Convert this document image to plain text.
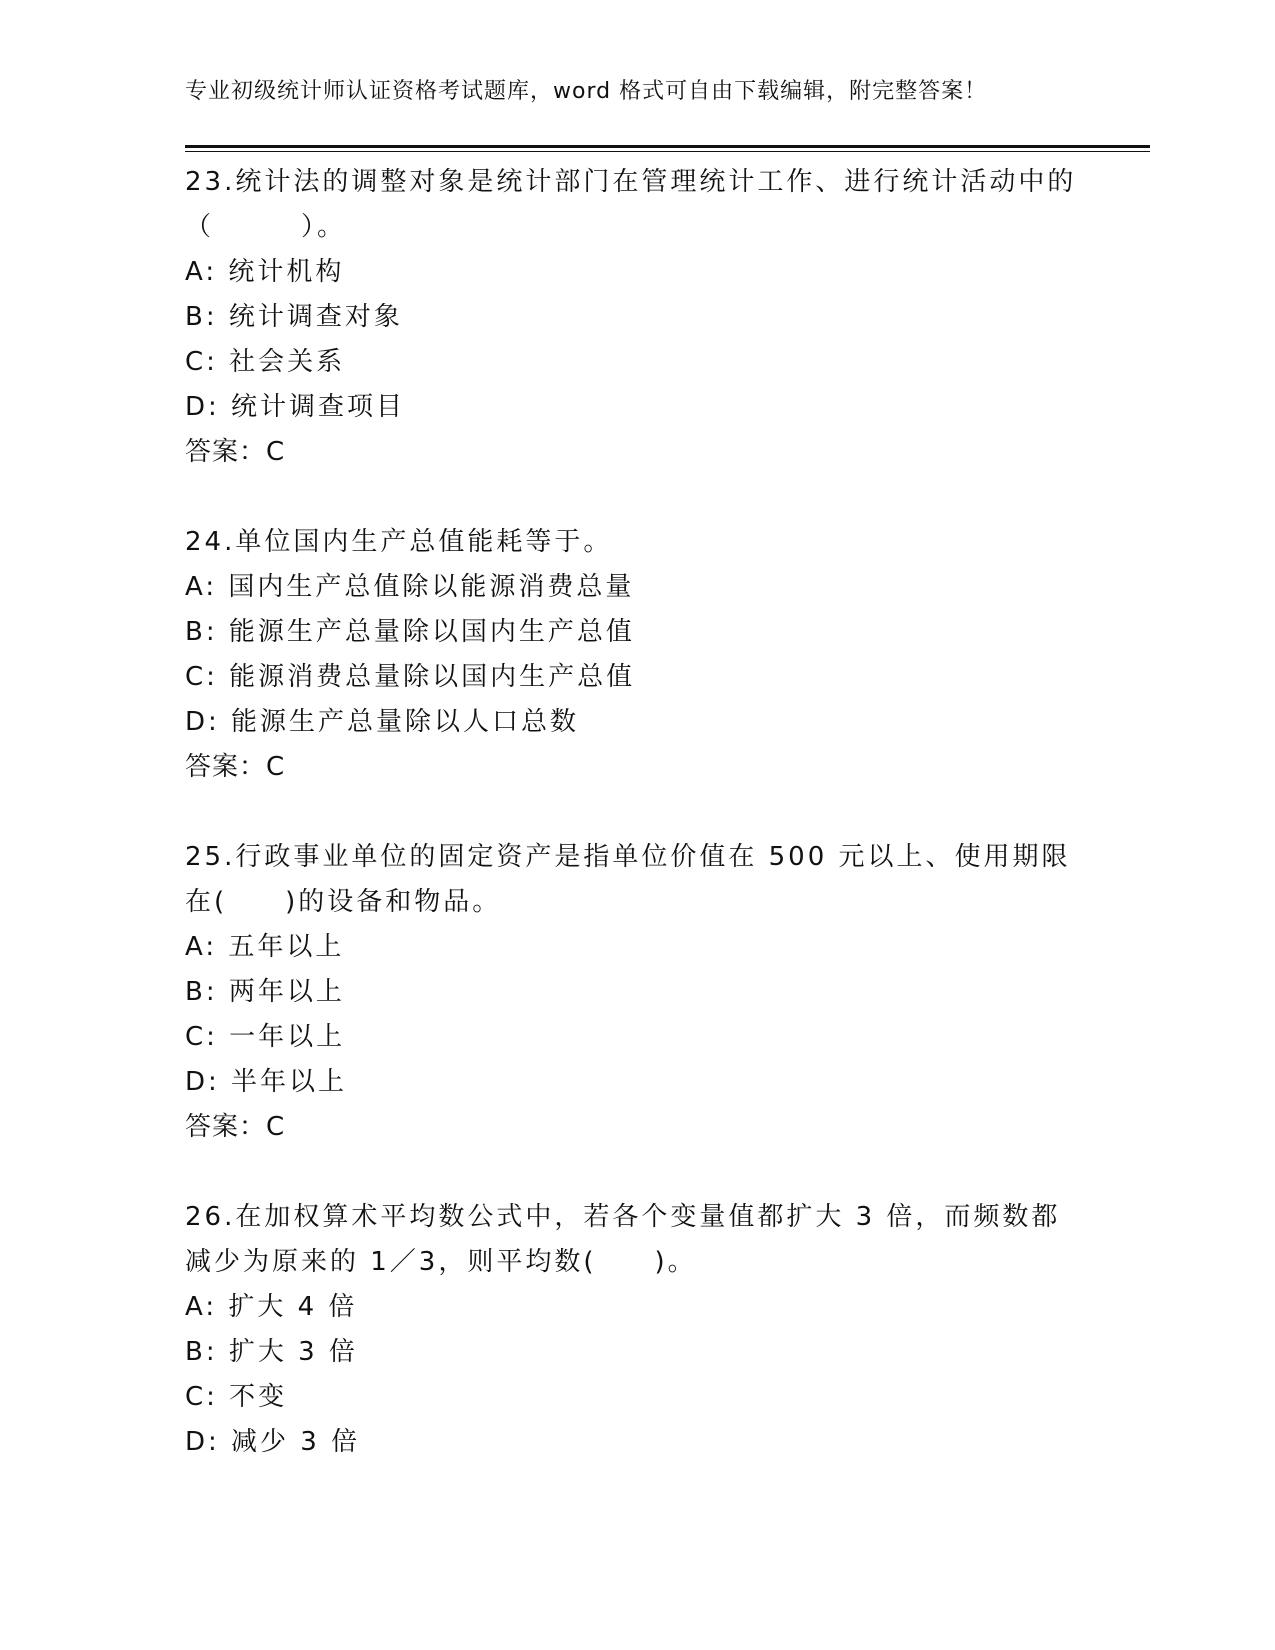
专业初级统计师认证资格考试题库，word 格式可自由下载编辑，附完整答案！
23.统计法的调整对象是统计部门在管理统计工作、进行统计活动中的（　　　）。
A: 统计机构
B: 统计调查对象
C: 社会关系
D: 统计调查项目
答案：C
24.单位国内生产总值能耗等于。
A: 国内生产总值除以能源消费总量
B: 能源生产总量除以国内生产总值
C: 能源消费总量除以国内生产总值
D: 能源生产总量除以人口总数
答案：C
25.行政事业单位的固定资产是指单位价值在 500 元以上、使用期限在(　　)的设备和物品。
A: 五年以上
B: 两年以上
C: 一年以上
D: 半年以上
答案：C
26.在加权算术平均数公式中，若各个变量值都扩大 3 倍，而频数都减少为原来的 1／3，则平均数(　　)。
A: 扩大 4 倍
B: 扩大 3 倍
C: 不变
D: 减少 3 倍
